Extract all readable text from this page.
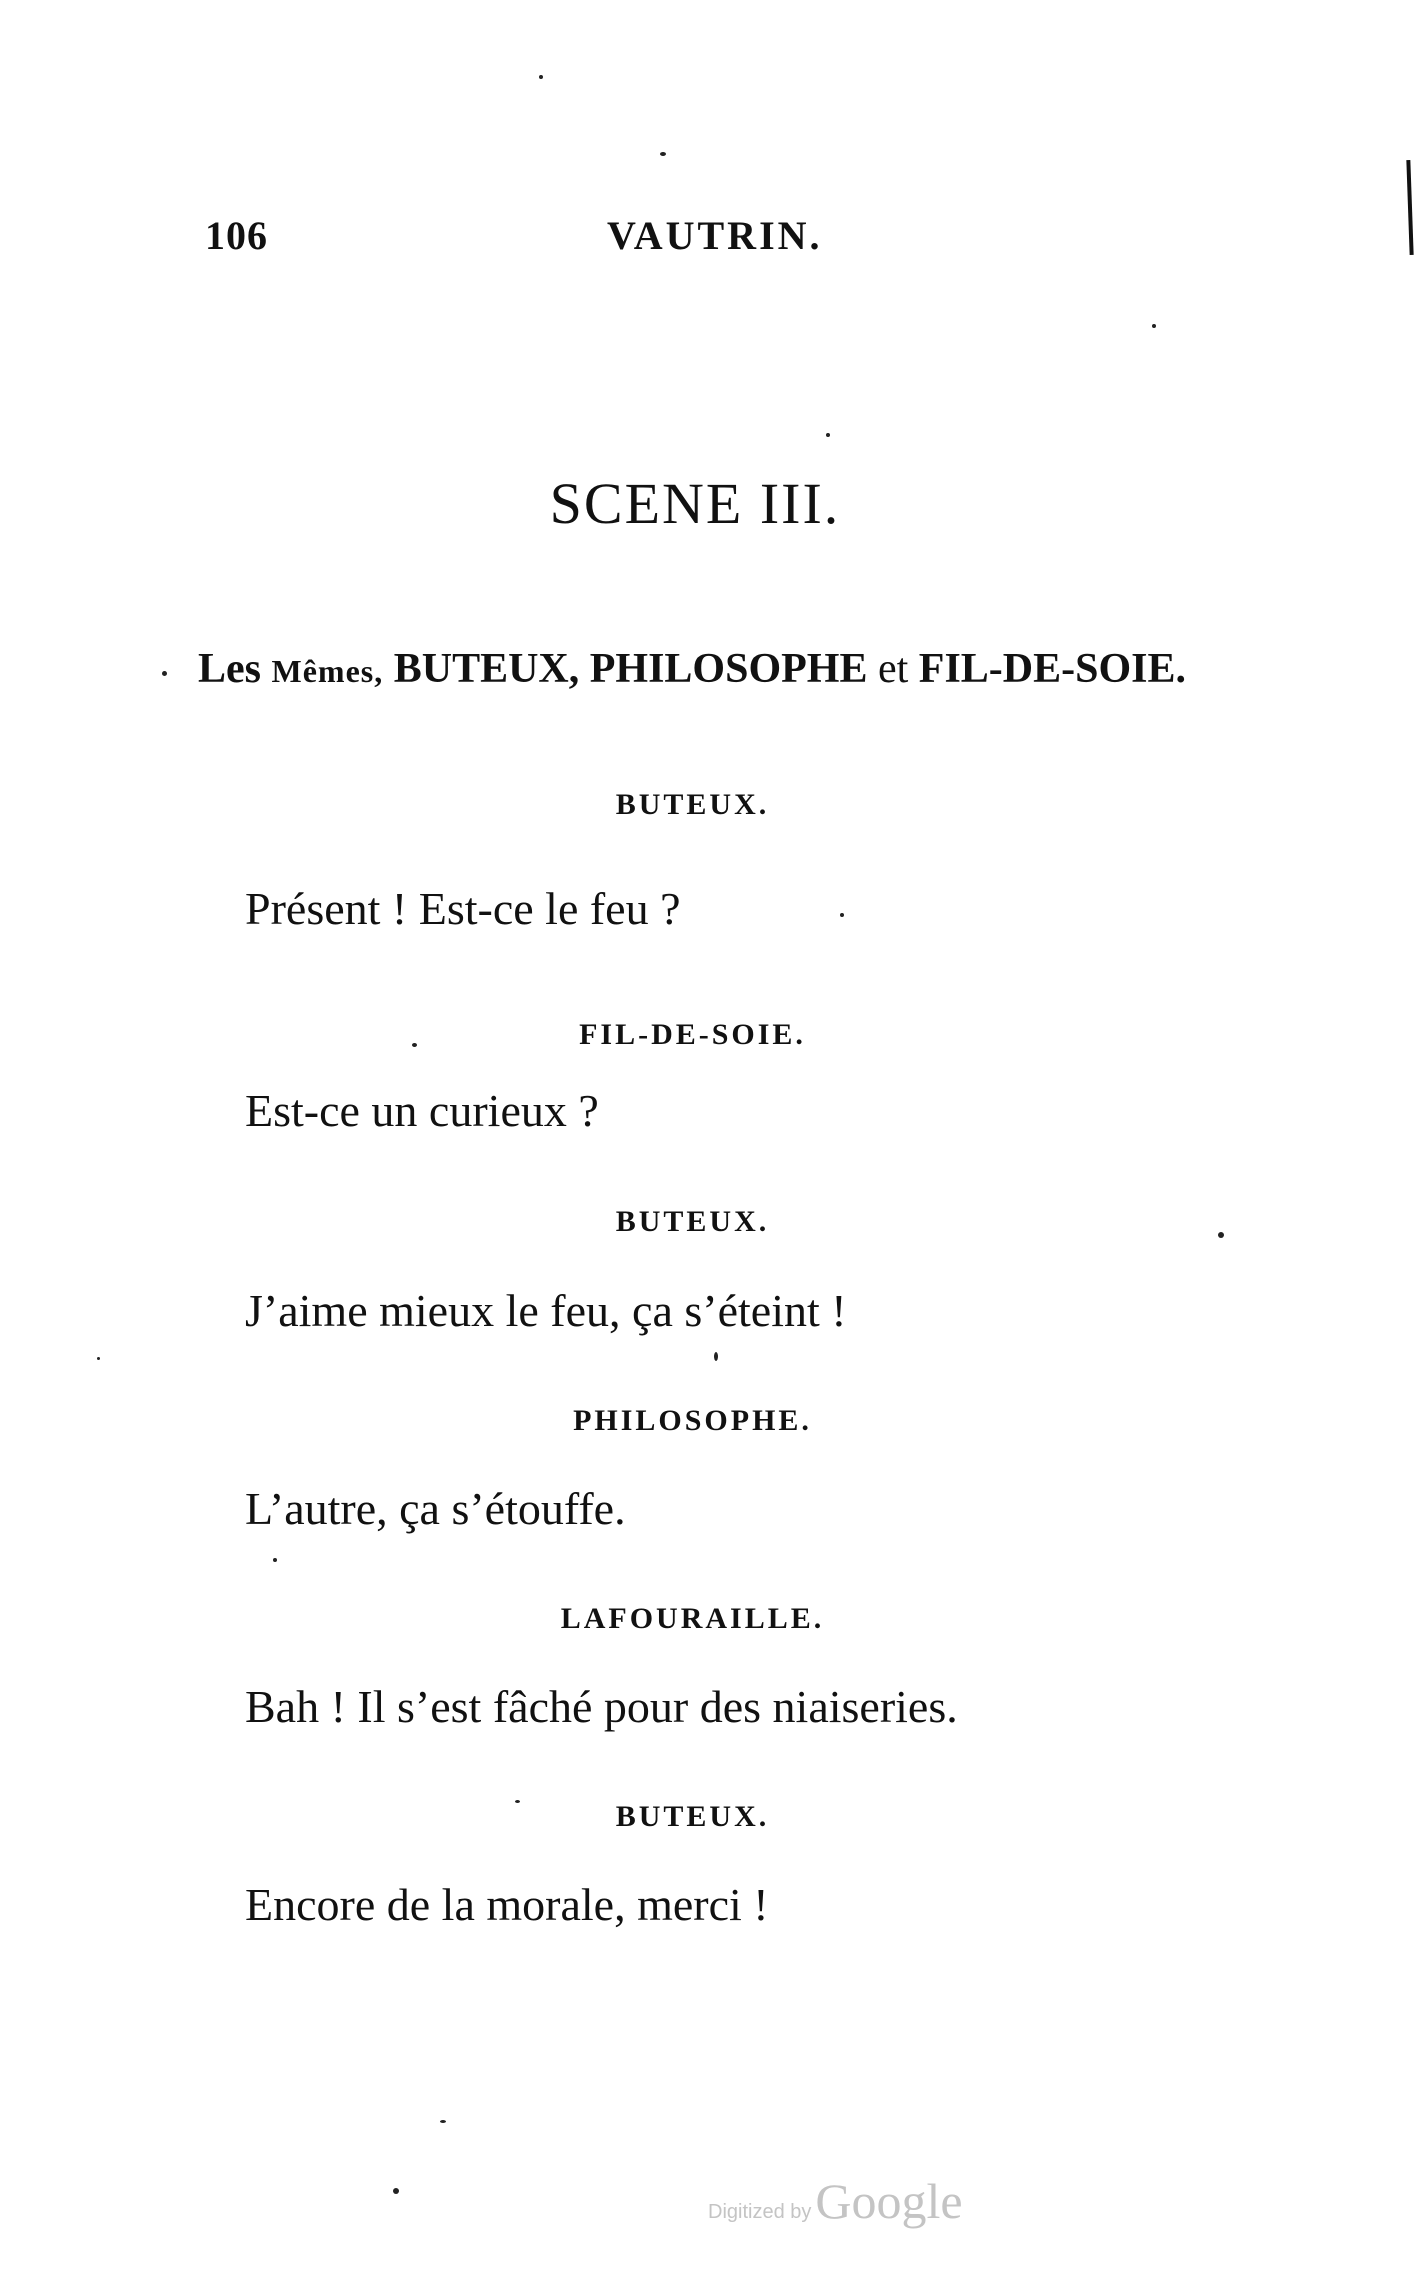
106	VAUTRIN.
SCENE III.
Les Mêmes, BUTEUX, PHILOSOPHE et FIL-DE-SOIE.
BUTEUX.
Présent ! Est-ce le feu ?
FIL-DE-SOIE.
Est-ce un curieux ?
BUTEUX.
J’aime mieux le feu, ça s’éteint !
PHILOSOPHE.
L’autre, ça s’étouffe.
LAFOURAILLE.
Bah ! Il s’est fâché pour des niaiseries.
BUTEUX.
Encore de la morale, merci !
Digitized byGoogle
